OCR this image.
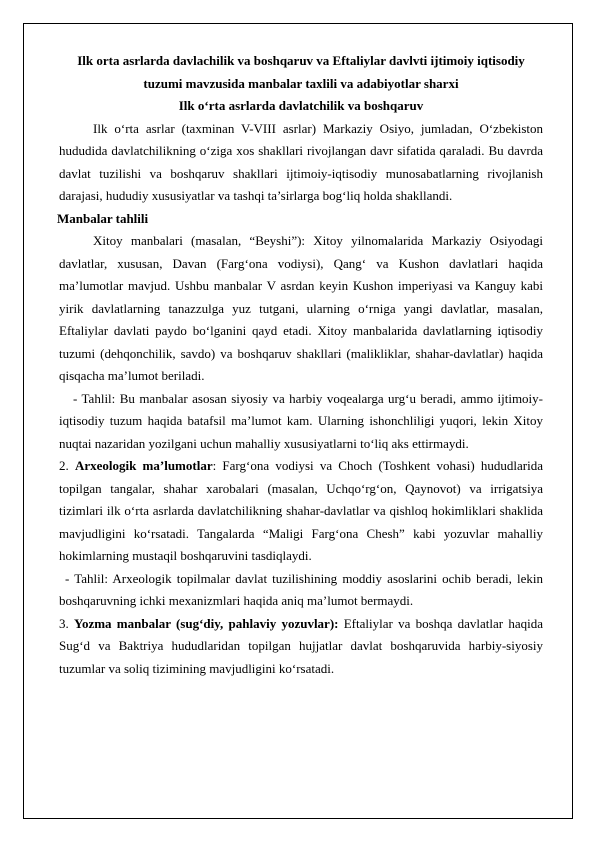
Ilk orta asrlarda davlachilik va boshqaruv va Eftaliylar davlvti ijtimoiy iqtisodiy tuzumi mavzusida manbalar taxlili va adabiyotlar sharxi

Ilk o‘rta asrlarda davlatchilik va boshqaruv

Ilk o‘rta asrlar (taxminan V-VIII asrlar) Markaziy Osiyo, jumladan, O‘zbekiston hududida davlatchilikning o‘ziga xos shakllari rivojlangan davr sifatida qaraladi. Bu davrda davlat tuzilishi va boshqaruv shakllari ijtimoiy-iqtisodiy munosabatlarning rivojlanish darajasi, hududiy xususiyatlar va tashqi ta’sirlarga bog‘liq holda shakllandi.

Manbalar tahlili

Xitoy manbalari (masalan, “Beyshi”): Xitoy yilnomalarida Markaziy Osiyodagi davlatlar, xususan, Davan (Farg‘ona vodiysi), Qang‘ va Kushon davlatlari haqida ma’lumotlar mavjud. Ushbu manbalar V asrdan keyin Kushon imperiyasi va Kanguy kabi yirik davlatlarning tanazzulga yuz tutgani, ularning o‘rniga yangi davlatlar, masalan, Eftaliylar davlati paydo bo‘lganini qayd etadi. Xitoy manbalarida davlatlarning iqtisodiy tuzumi (dehqonchilik, savdo) va boshqaruv shakllari (malikliklar, shahar-davlatlar) haqida qisqacha ma’lumot beriladi.

- Tahlil: Bu manbalar asosan siyosiy va harbiy voqealarga urg‘u beradi, ammo ijtimoiy-iqtisodiy tuzum haqida batafsil ma’lumot kam. Ularning ishonchliligi yuqori, lekin Xitoy nuqtai nazaridan yozilgani uchun mahalliy xususiyatlarni to‘liq aks ettirmaydi.

2. Arxeologik ma’lumotlar: Farg‘ona vodiysi va Choch (Toshkent vohasi) hududlarida topilgan tangalar, shahar xarobalari (masalan, Uchqo‘rg‘on, Qaynovot) va irrigatsiya tizimlari ilk o‘rta asrlarda davlatchilikning shahar-davlatlar va qishloq hokimliklari shaklida mavjudligini ko‘rsatadi. Tangalarda “Maligi Farg‘ona Chesh” kabi yozuvlar mahalliy hokimlarning mustaqil boshqaruvini tasdiqlaydi.

- Tahlil: Arxeologik topilmalar davlat tuzilishining moddiy asoslarini ochib beradi, lekin boshqaruvning ichki mexanizmlari haqida aniq ma’lumot bermaydi.

3. Yozma manbalar (sug‘diy, pahlaviy yozuvlar): Eftaliylar va boshqa davlatlar haqida Sug‘d va Baktriya hududlaridan topilgan hujjatlar davlat boshqaruvida harbiy-siyosiy tuzumlar va soliq tizimining mavjudligini ko‘rsatadi.
